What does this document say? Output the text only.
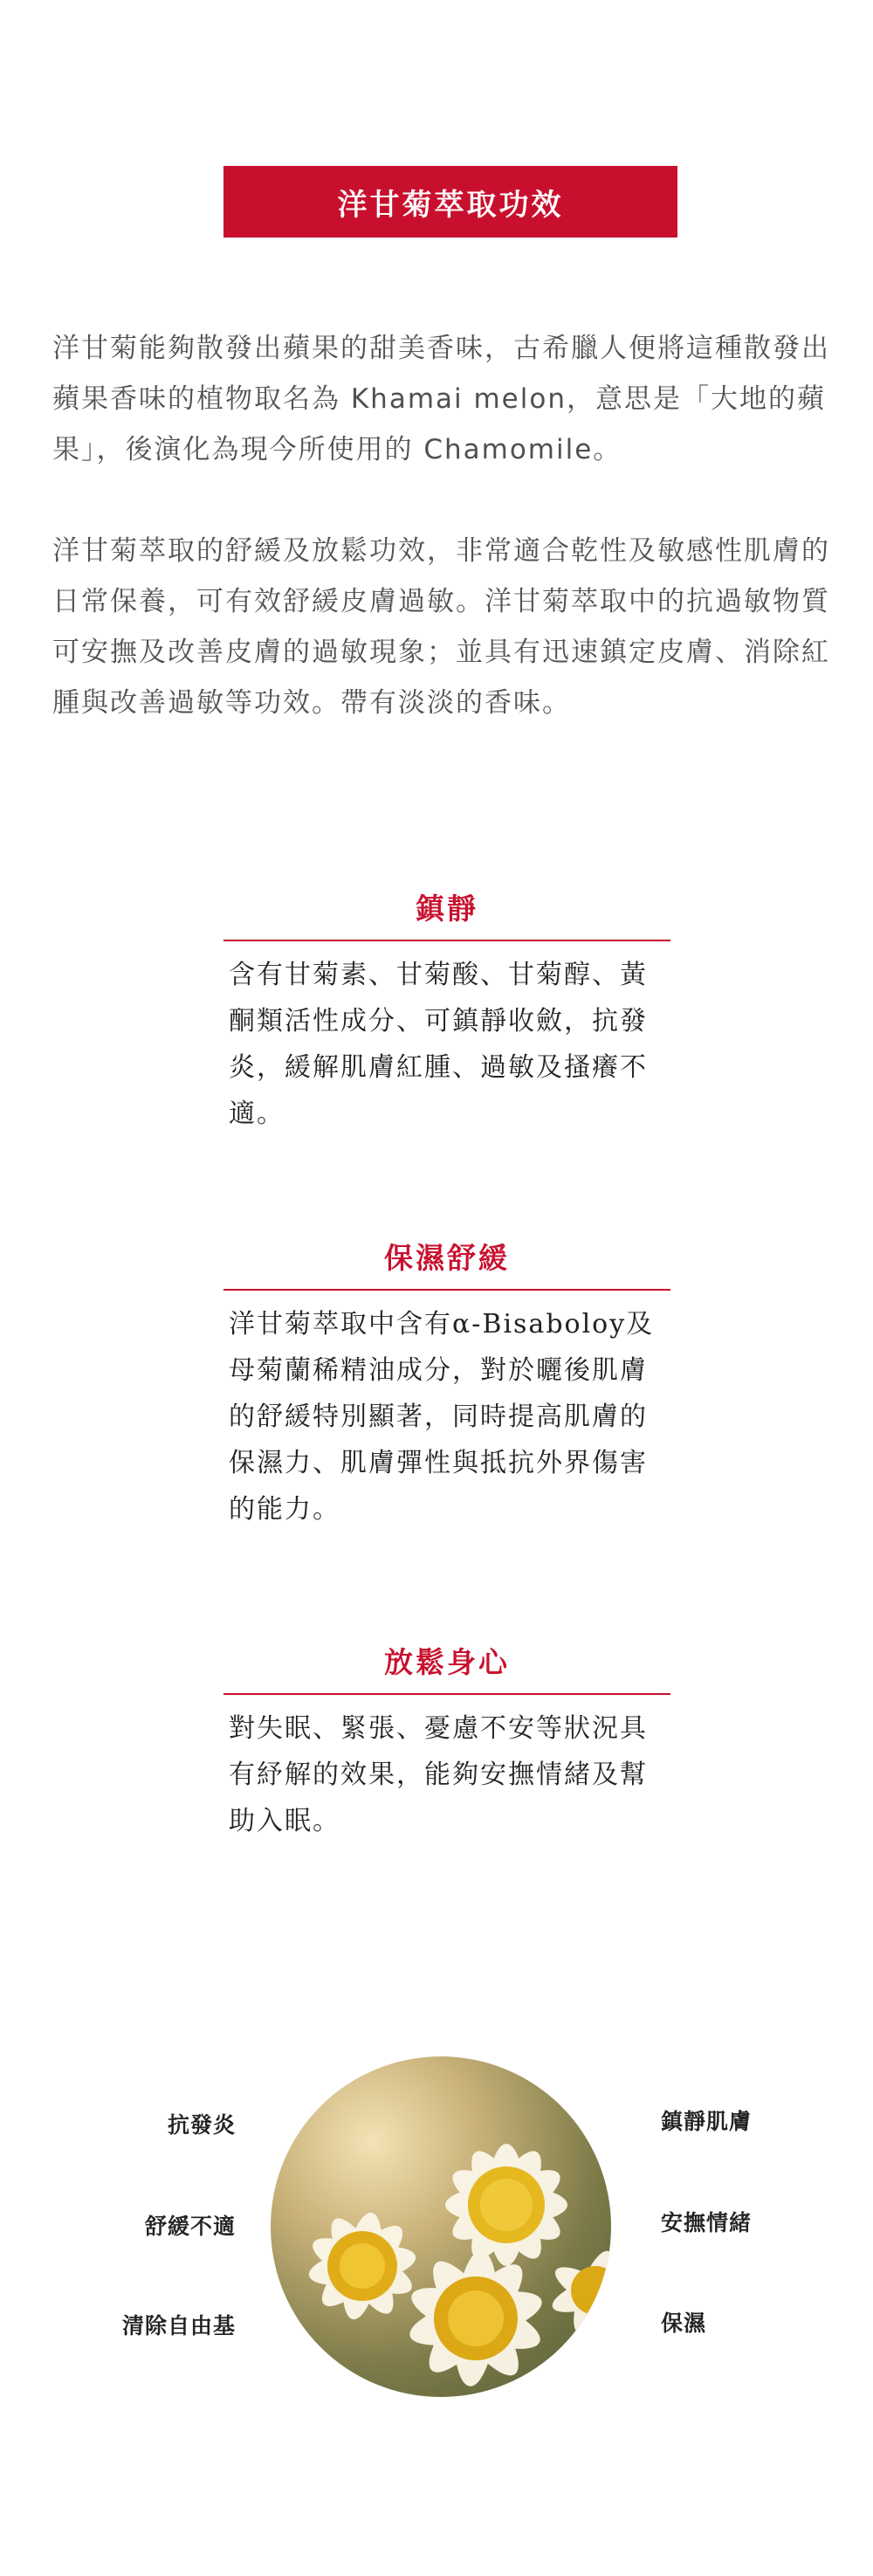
洋甘菊萃取功效

洋甘菊能夠散發出蘋果的甜美香味，古希臘人便將這種散發出蘋果香味的植物取名為 Khamai melon，意思是「大地的蘋果」，後演化為現今所使用的 Chamomile。

洋甘菊萃取的舒緩及放鬆功效，非常適合乾性及敏感性肌膚的日常保養，可有效舒緩皮膚過敏。洋甘菊萃取中的抗過敏物質可安撫及改善皮膚的過敏現象；並具有迅速鎮定皮膚、消除紅腫與改善過敏等功效。帶有淡淡的香味。

鎮靜

含有甘菊素、甘菊酸、甘菊醇、黃酮類活性成分、可鎮靜收斂，抗發炎，緩解肌膚紅腫、過敏及搔癢不適。

保濕舒緩

洋甘菊萃取中含有α-Bisaboloy及母菊蘭稀精油成分，對於曬後肌膚的舒緩特別顯著，同時提高肌膚的保濕力、肌膚彈性與抵抗外界傷害的能力。

放鬆身心

對失眠、緊張、憂慮不安等狀況具有紓解的效果，能夠安撫情緒及幫助入眠。

抗發炎
舒緩不適
清除自由基
鎮靜肌膚
安撫情緒
保濕
